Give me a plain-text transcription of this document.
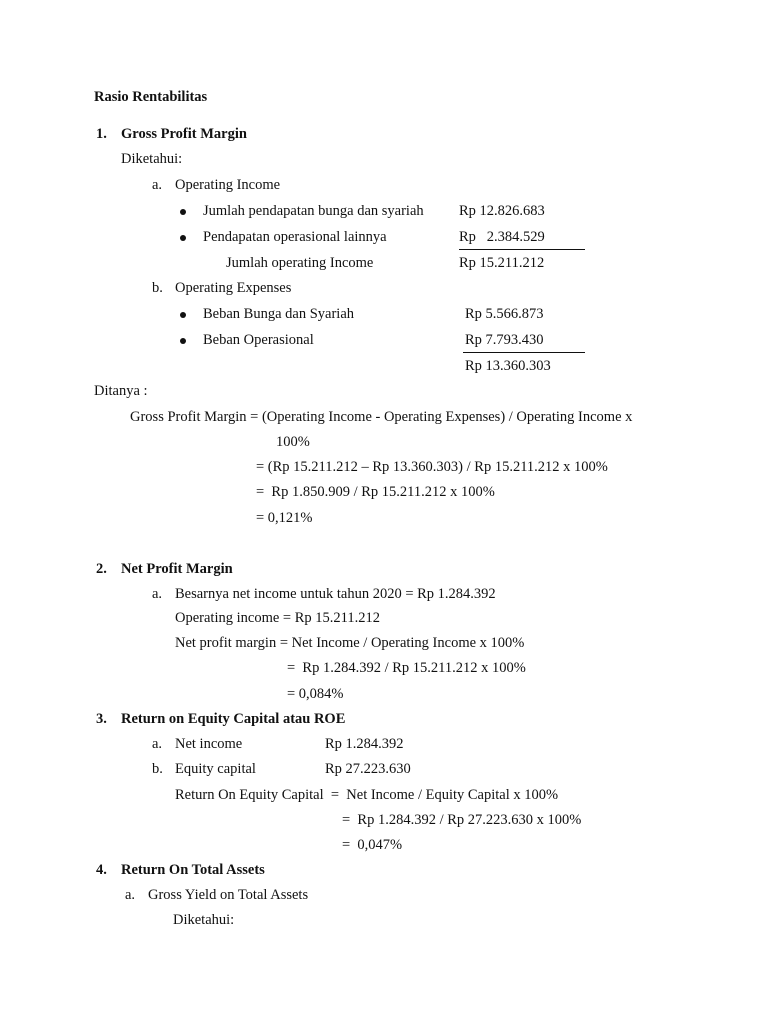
Rasio Rentabilitas
1. Gross Profit Margin
Diketahui:
a. Operating Income
Jumlah pendapatan bunga dan syariah Rp 12.826.683
Pendapatan operasional lainnya	Rp   2.384.529
Jumlah operating Income	Rp 15.211.212
b. Operating Expenses
Beban Bunga dan Syariah	Rp 5.566.873
Beban Operasional	Rp 7.793.430
Rp 13.360.303
Ditanya :
Gross Profit Margin = (Operating Income - Operating Expenses) / Operating Income x
100%
= (Rp 15.211.212 – Rp 13.360.303) / Rp 15.211.212 x 100%
=  Rp 1.850.909 / Rp 15.211.212 x 100%
= 0,121%
2. Net Profit Margin
a. Besarnya net income untuk tahun 2020 = Rp 1.284.392
Operating income = Rp 15.211.212
Net profit margin = Net Income / Operating Income x 100%
=  Rp 1.284.392 / Rp 15.211.212 x 100%
= 0,084%
3. Return on Equity Capital atau ROE
a. Net income	Rp 1.284.392
b. Equity capital	Rp 27.223.630
Return On Equity Capital  =  Net Income / Equity Capital x 100%
=  Rp 1.284.392 / Rp 27.223.630 x 100%
=  0,047%
4. Return On Total Assets
a. Gross Yield on Total Assets
Diketahui:
